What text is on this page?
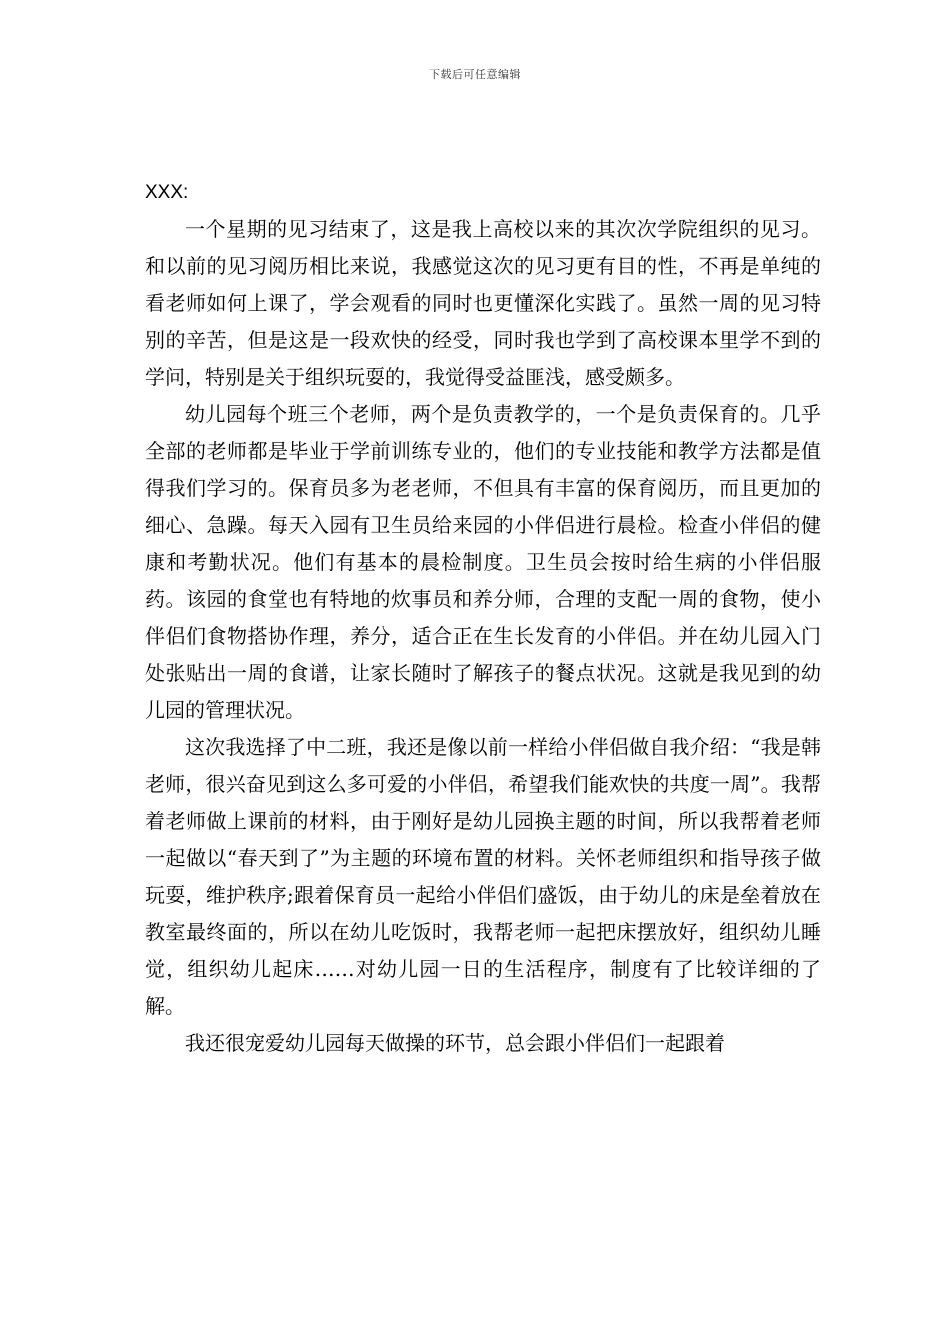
下载后可任意编辑

XXX:

一个星期的见习结束了，这是我上高校以来的其次次学院组织的见习。和以前的见习阅历相比来说，我感觉这次的见习更有目的性，不再是单纯的看老师如何上课了，学会观看的同时也更懂深化实践了。虽然一周的见习特别的辛苦，但是这是一段欢快的经受，同时我也学到了高校课本里学不到的学问，特别是关于组织玩耍的，我觉得受益匪浅，感受颇多。

幼儿园每个班三个老师，两个是负责教学的，一个是负责保育的。几乎全部的老师都是毕业于学前训练专业的，他们的专业技能和教学方法都是值得我们学习的。保育员多为老老师，不但具有丰富的保育阅历，而且更加的细心、急躁。每天入园有卫生员给来园的小伴侣进行晨检。检查小伴侣的健康和考勤状况。他们有基本的晨检制度。卫生员会按时给生病的小伴侣服药。该园的食堂也有特地的炊事员和养分师，合理的支配一周的食物，使小伴侣们食物搭协作理，养分，适合正在生长发育的小伴侣。并在幼儿园入门处张贴出一周的食谱，让家长随时了解孩子的餐点状况。这就是我见到的幼儿园的管理状况。

这次我选择了中二班，我还是像以前一样给小伴侣做自我介绍：“我是韩老师，很兴奋见到这么多可爱的小伴侣，希望我们能欢快的共度一周”。我帮着老师做上课前的材料，由于刚好是幼儿园换主题的时间，所以我帮着老师一起做以“春天到了”为主题的环境布置的材料。关怀老师组织和指导孩子做玩耍，维护秩序;跟着保育员一起给小伴侣们盛饭，由于幼儿的床是垒着放在教室最终面的，所以在幼儿吃饭时，我帮老师一起把床摆放好，组织幼儿睡觉，组织幼儿起床……对幼儿园一日的生活程序，制度有了比较详细的了解。

我还很宠爱幼儿园每天做操的环节，总会跟小伴侣们一起跟着
